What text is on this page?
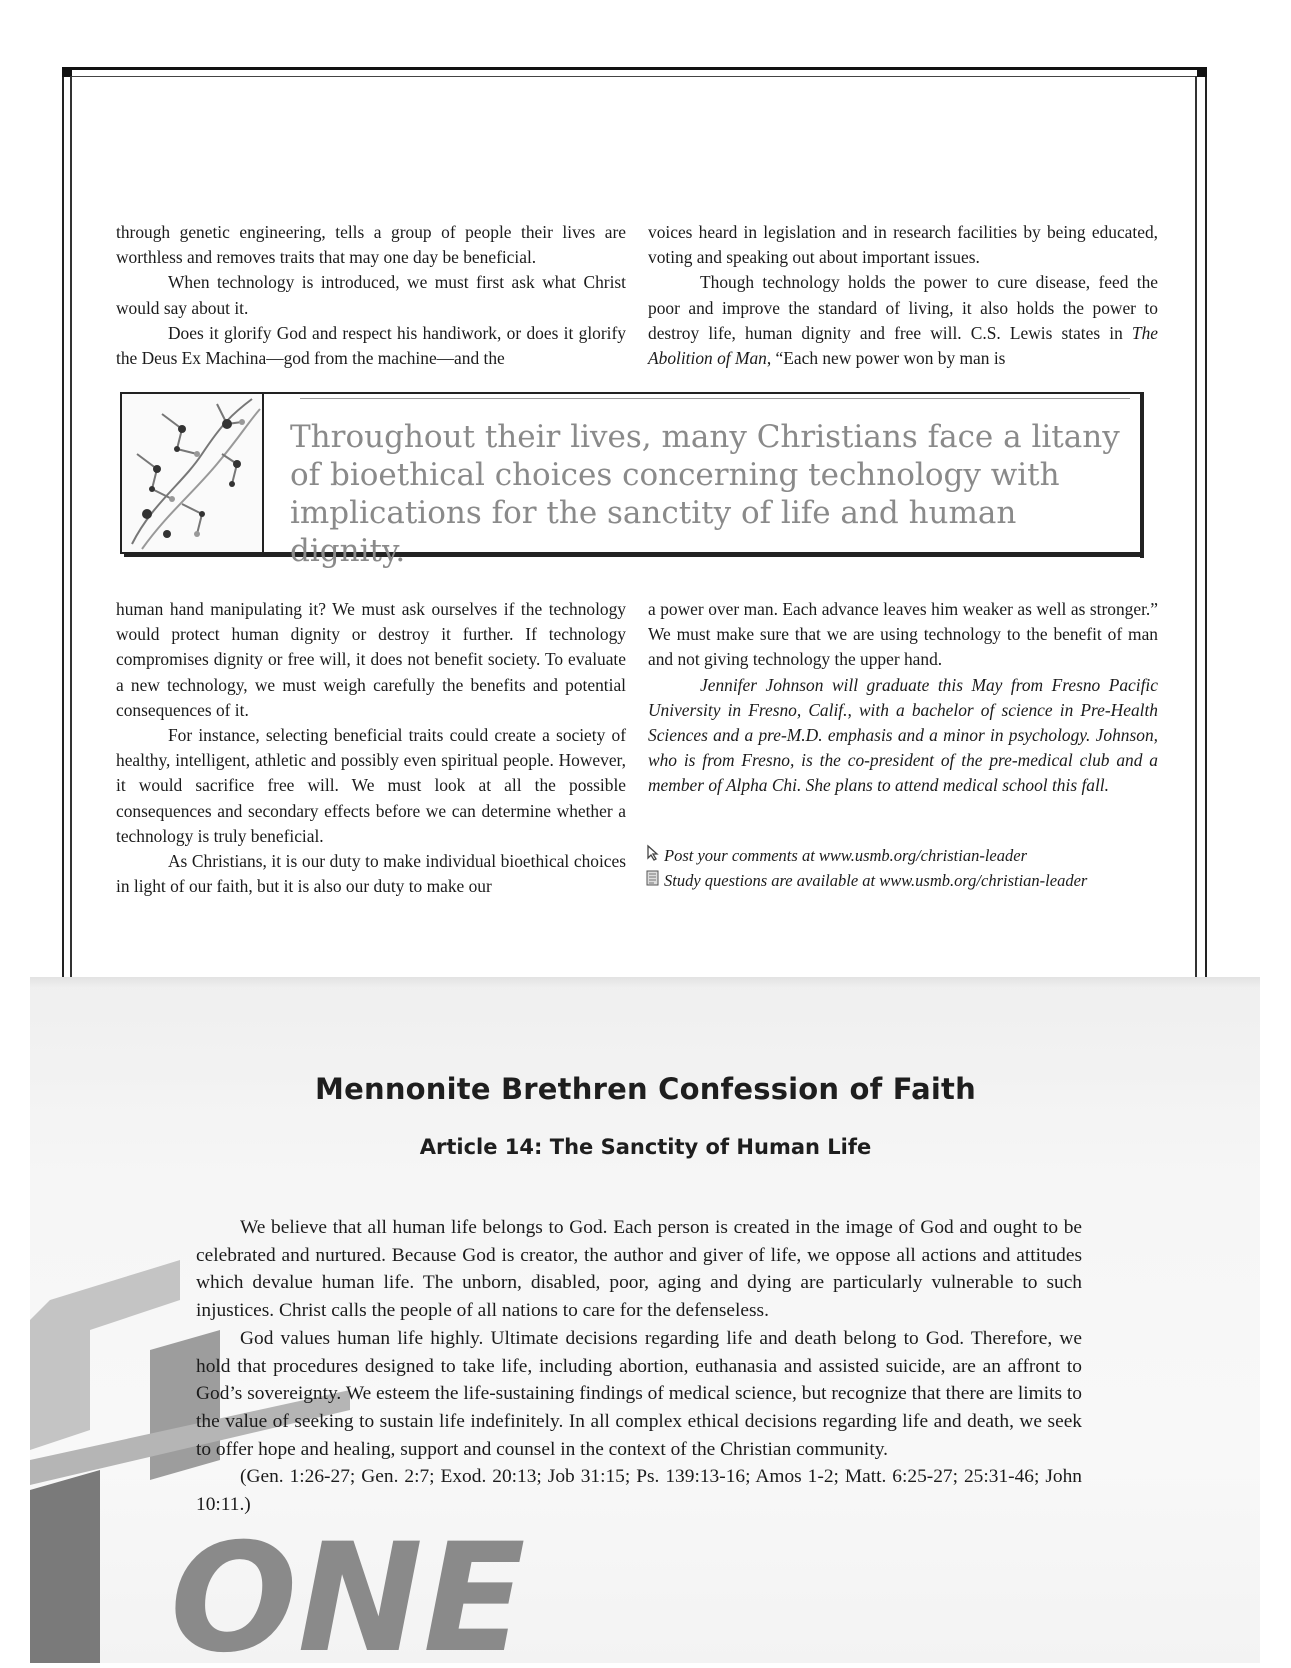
through genetic engineering, tells a group of people their lives are worthless and removes traits that may one day be beneficial.

When technology is introduced, we must first ask what Christ would say about it.

Does it glorify God and respect his handiwork, or does it glorify the Deus Ex Machina—god from the machine—and the

voices heard in legislation and in research facilities by being educated, voting and speaking out about important issues.

Though technology holds the power to cure disease, feed the poor and improve the standard of living, it also holds the power to destroy life, human dignity and free will. C.S. Lewis states in The Abolition of Man, “Each new power won by man is

Throughout their lives, many Christians face a litany of bioethical choices concerning technology with implications for the sanctity of life and human dignity.

human hand manipulating it? We must ask ourselves if the technology would protect human dignity or destroy it further. If technology compromises dignity or free will, it does not benefit society. To evaluate a new technology, we must weigh carefully the benefits and potential consequences of it.

For instance, selecting beneficial traits could create a society of healthy, intelligent, athletic and possibly even spiritual people. However, it would sacrifice free will. We must look at all the possible consequences and secondary effects before we can determine whether a technology is truly beneficial.

As Christians, it is our duty to make individual bioethical choices in light of our faith, but it is also our duty to make our

a power over man. Each advance leaves him weaker as well as stronger.” We must make sure that we are using technology to the benefit of man and not giving technology the upper hand.

Jennifer Johnson will graduate this May from Fresno Pacific University in Fresno, Calif., with a bachelor of science in Pre-Health Sciences and a pre-M.D. emphasis and a minor in psychology. Johnson, who is from Fresno, is the co-president of the pre-medical club and a member of Alpha Chi. She plans to attend medical school this fall.

Post your comments at www.usmb.org/christian-leader
Study questions are available at www.usmb.org/christian-leader
ONE
Mennonite Brethren Confession of Faith
Article 14: The Sanctity of Human Life

We believe that all human life belongs to God. Each person is created in the image of God and ought to be celebrated and nurtured. Because God is creator, the author and giver of life, we oppose all actions and attitudes which devalue human life. The unborn, disabled, poor, aging and dying are particularly vulnerable to such injustices. Christ calls the people of all nations to care for the defenseless.

God values human life highly. Ultimate decisions regarding life and death belong to God. Therefore, we hold that procedures designed to take life, including abortion, euthanasia and assisted suicide, are an affront to God’s sovereignty. We esteem the life-sustaining findings of medical science, but recognize that there are limits to the value of seeking to sustain life indefinitely. In all complex ethical decisions regarding life and death, we seek to offer hope and healing, support and counsel in the context of the Christian community.

(Gen. 1:26-27; Gen. 2:7; Exod. 20:13; Job 31:15; Ps. 139:13-16; Amos 1-2; Matt. 6:25-27; 25:31-46; John 10:11.)
